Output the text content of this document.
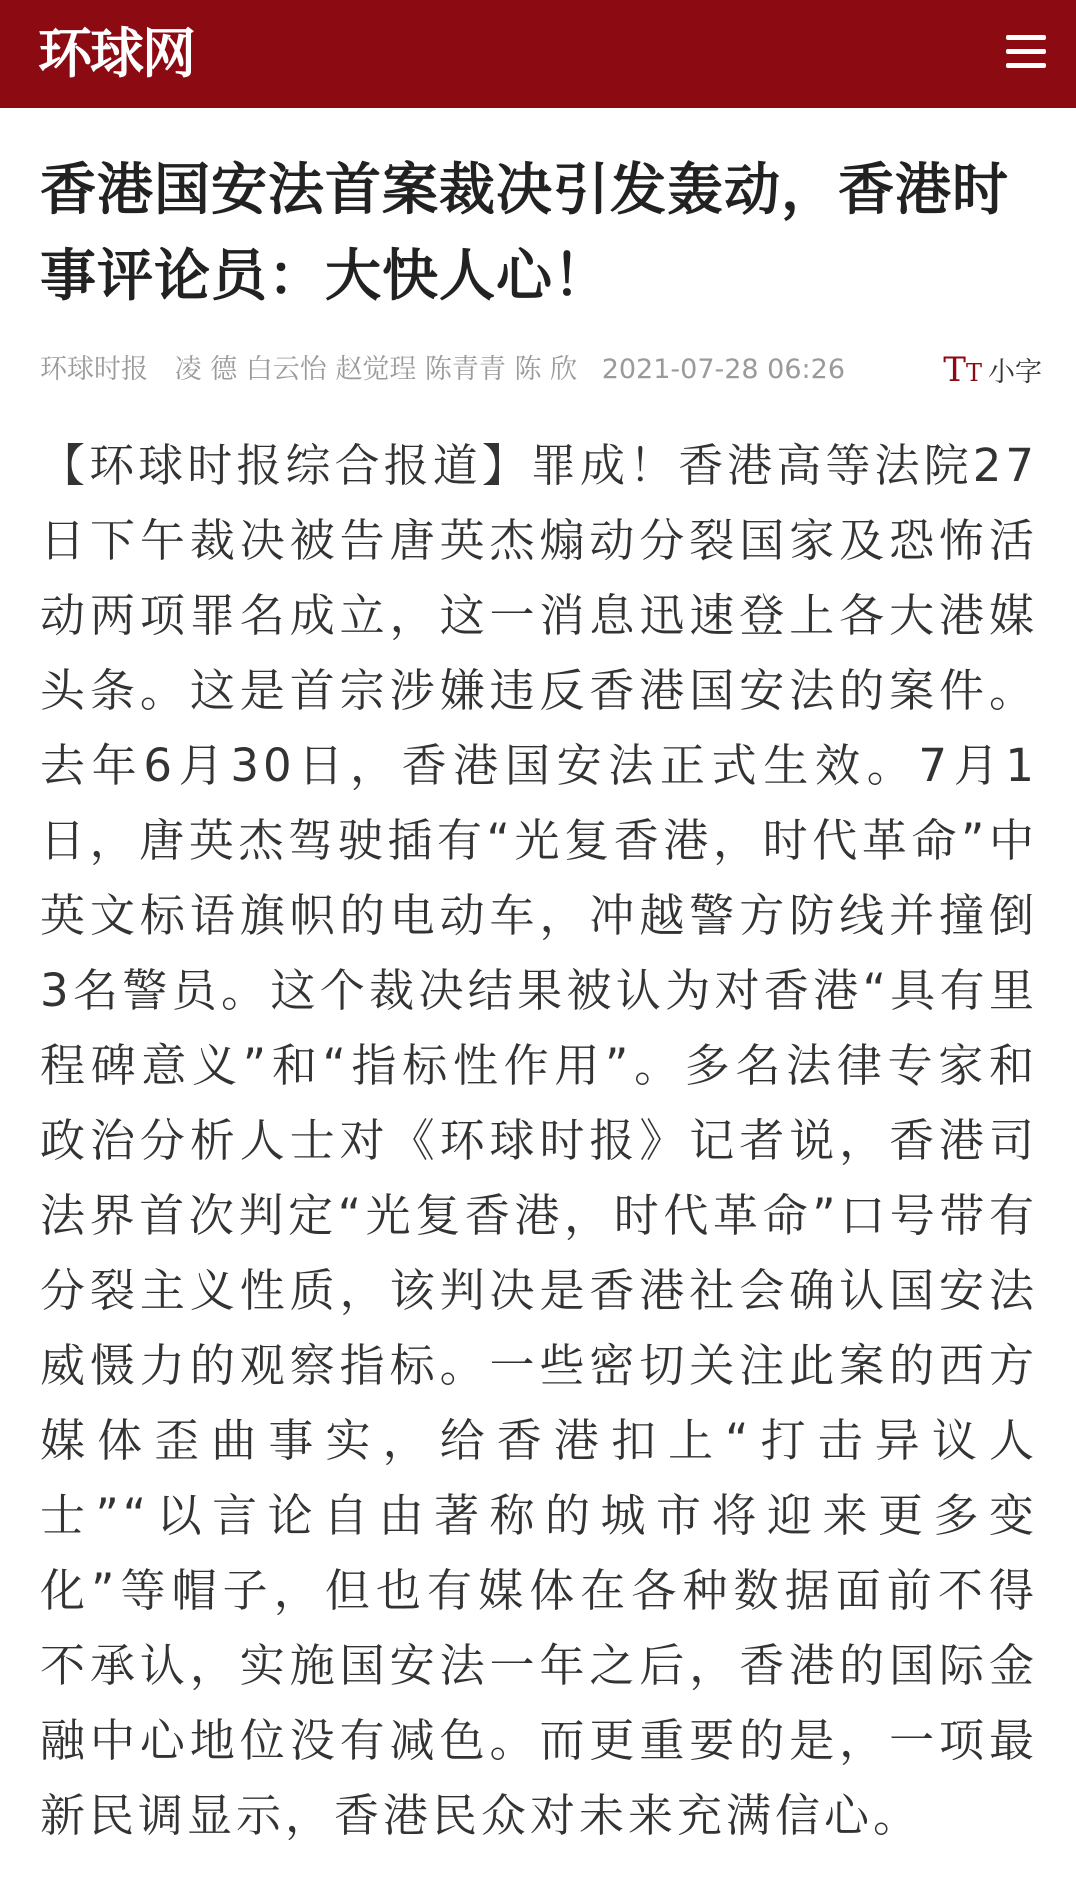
环球网
香港国安法首案裁决引发轰动，香港时事评论员：大快人心！
环球时报 凌 德 白云怡 赵觉珵 陈青青 陈 欣 2021-07-28 06:26	TT 小字

【环球时报综合报道】罪成！香港高等法院27日下午裁决被告唐英杰煽动分裂国家及恐怖活动两项罪名成立，这一消息迅速登上各大港媒头条。这是首宗涉嫌违反香港国安法的案件。去年6月30日，香港国安法正式生效。7月1日，唐英杰驾驶插有“光复香港，时代革命”中英文标语旗帜的电动车，冲越警方防线并撞倒3名警员。这个裁决结果被认为对香港“具有里程碑意义”和“指标性作用”。多名法律专家和政治分析人士对《环球时报》记者说，香港司法界首次判定“光复香港，时代革命”口号带有分裂主义性质，该判决是香港社会确认国安法威慑力的观察指标。一些密切关注此案的西方媒体歪曲事实，给香港扣上“打击异议人士”“以言论自由著称的城市将迎来更多变化”等帽子，但也有媒体在各种数据面前不得不承认，实施国安法一年之后，香港的国际金融中心地位没有减色。而更重要的是，一项最新民调显示，香港民众对未来充满信心。
